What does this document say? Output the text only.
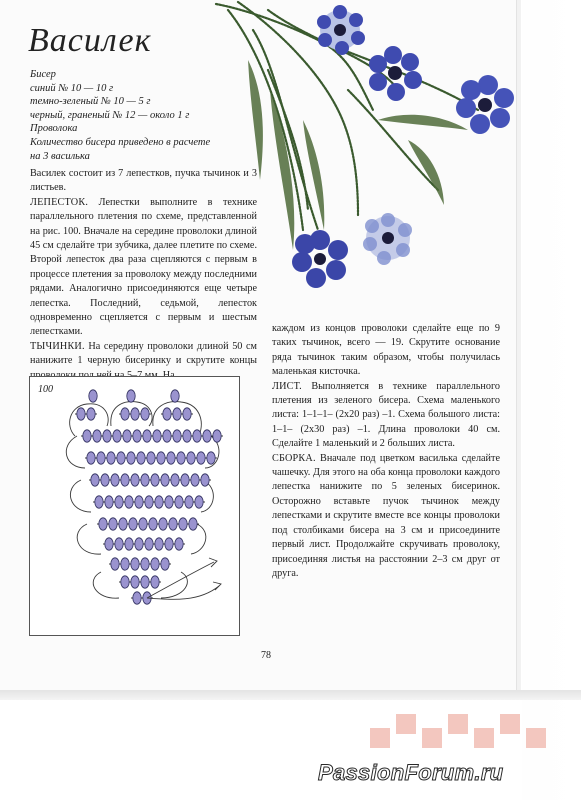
Василек
Бисер
синий № 10 — 10 г
темно-зеленый № 10 — 5 г
черный, граненый № 12 — около 1 г
Проволока
Количество бисера приведено в расчете
на 3 василька

Василек состоит из 7 лепестков, пучка тычинок и 3 листьев.

ЛЕПЕСТОК. Лепестки выполните в технике параллельного плетения по схеме, представленной на рис. 100. Вначале на середине проволоки длиной 45 см сделайте три зубчика, далее плетите по схеме. Второй лепесток два раза сцепляются с первым в процессе плетения за проволоку между последними рядами. Аналогично присоединяются еще четыре лепестка. Последний, седьмой, лепесток одновременно сцепляется с первым и шестым лепестками.

ТЫЧИНКИ. На середину проволоки длиной 50 см нанижите 1 черную бисеринку и скрутите концы

каждом из концов проволоки сделайте еще по 9 таких тычинок, всего — 19. Скрутите основание ряда тычинок таким образом, чтобы получилась маленькая кисточка.

ЛИСТ. Выполняется в технике параллельного плетения из зеленого бисера. Схема маленького листа: 1–1–1– (2х20 раз) –1. Схема большого листа: 1–1– (2х30 раз) –1. Длина проволоки 40 см. Сделайте 1 маленький и 2 больших листа.

СБОРКА. Вначале под цветком василька сделайте чашечку. Для этого на оба конца проволоки каждого лепестка нанижите по 5 зеленых бисеринок. Осторожно вставьте пучок тычинок между лепестками и скрутите вместе все концы проволоки под столбиками бисера на 3 см и присоедините первый лист. Продолжайте скручивать проволоку, присоединяя листья на расстоянии 2–3 см друг от друга.

100
78
PassionForum.ru
